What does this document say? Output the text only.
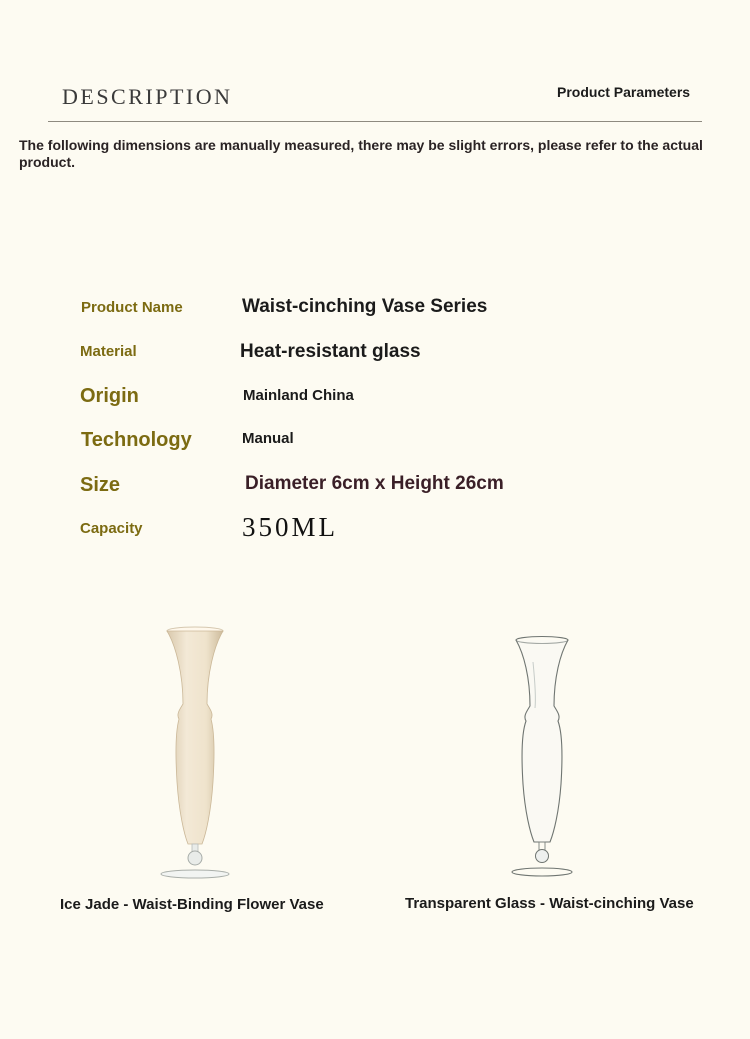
DESCRIPTION	Product Parameters
The following dimensions are manually measured, there may be slight errors, please refer to the actual product.
Product Name	Waist-cinching Vase Series
Material	Heat-resistant glass
Origin	Mainland China
Technology	Manual
Size	Diameter 6cm x Height 26cm
Capacity	350ML
Ice Jade - Waist-Binding Flower Vase	Transparent Glass - Waist-cinching Vase
